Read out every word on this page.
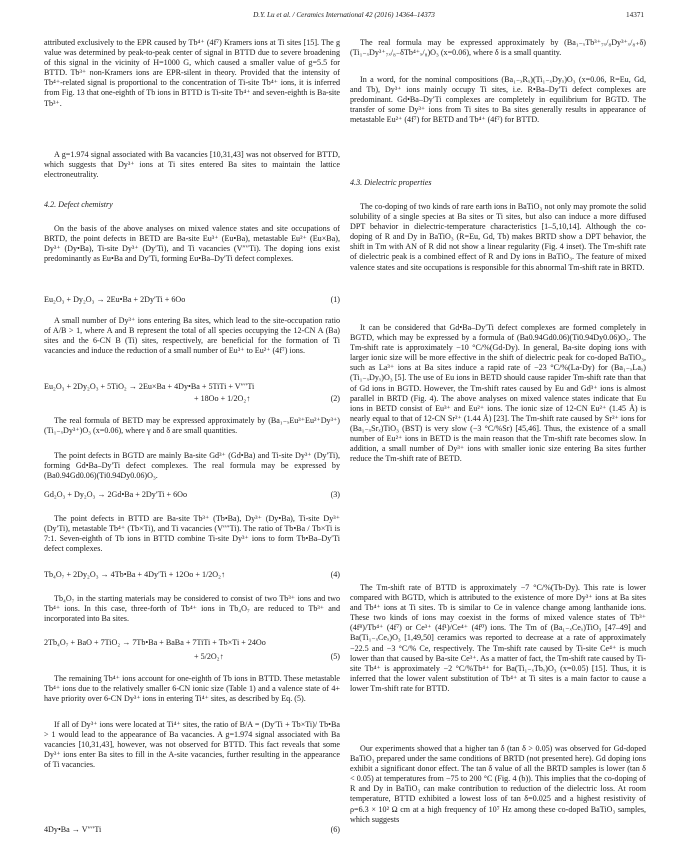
D.Y. Lu et al. / Ceramics International 42 (2016) 14364–14373	14371

attributed exclusively to the EPR caused by Tb⁴⁺ (4f⁷) Kramers ions at Ti sites [15]. The g value was determined by peak-to-peak center of signal in BTTD due to severe broadening of this signal in the vicinity of H=1000 G, which caused a smaller value of g=5.5 for BTTD. Tb³⁺ non-Kramers ions are EPR-silent in theory. Provided that the intensity of Tb⁴⁺-related signal is proportional to the concentration of Ti-site Tb⁴⁺ ions, it is inferred from Fig. 13 that one-eighth of Tb ions in BTTD is Ti-site Tb⁴⁺ and seven-eighth is Ba-site Tb³⁺.

A g=1.974 signal associated with Ba vacancies [10,31,43] was not observed for BTTD, which suggests that Dy³⁺ ions at Ti sites entered Ba sites to maintain the lattice electroneutrality.

4.2. Defect chemistry

On the basis of the above analyses on mixed valence states and site occupations of BRTD, the point defects in BETD are Ba-site Eu³⁺ (Eu•Ba), metastable Eu²⁺ (Eu×Ba), Dy³⁺ (Dy•Ba), Ti-site Dy³⁺ (Dy′Ti), and Ti vacancies (V″″Ti). The doping ions exist predominantly as Eu•Ba and Dy′Ti, forming Eu•Ba–Dy′Ti defect complexes.

Eu₂O₃ + Dy₂O₃ → 2Eu•Ba + 2Dy′Ti + 6Oo	(1)

A small number of Dy³⁺ ions entering Ba sites, which lead to the site-occupation ratio of A/B > 1, where A and B represent the total of all species occupying the 12-CN A (Ba) sites and the 6-CN B (Ti) sites, respectively, are beneficial for the formation of Ti vacancies and induce the reduction of a small number of Eu³⁺ to Eu²⁺ (4f⁷) ions.

Eu₂O₃ + 2Dy₂O₃ + 5TiO₂ → 2Eu×Ba + 4Dy•Ba + 5TiTi + V″″Ti
+ 18Oo + 1/2O₂↑	(2)

The real formula of BETD may be expressed approximately by (Ba₁₋ₓEu³⁺Eu²⁺Dy³⁺)(Ti₁₋ₓDy³⁺)O₃ (x=0.06), where γ and δ are small quantities.

The point defects in BGTD are mainly Ba-site Gd³⁺ (Gd•Ba) and Ti-site Dy³⁺ (Dy′Ti), forming Gd•Ba–Dy′Ti defect complexes. The real formula may be expressed by (Ba0.94Gd0.06)(Ti0.94Dy0.06)O₃.

Gd₂O₃ + Dy₂O₃ → 2Gd•Ba + 2Dy′Ti + 6Oo	(3)

The point defects in BTTD are Ba-site Tb³⁺ (Tb•Ba), Dy³⁺ (Dy•Ba), Ti-site Dy³⁺ (Dy′Ti), metastable Tb⁴⁺ (Tb×Ti), and Ti vacancies (V″″Ti). The ratio of Tb•Ba / Tb×Ti is 7:1. Seven-eighth of Tb ions in BTTD combine Ti-site Dy³⁺ ions to form Tb•Ba–Dy′Ti defect complexes.

Tb₄O₇ + 2Dy₂O₃ → 4Tb•Ba + 4Dy′Ti + 12Oo + 1/2O₂↑	(4)

Tb₄O₇ in the starting materials may be considered to consist of two Tb³⁺ ions and two Tb⁴⁺ ions. In this case, three-forth of Tb⁴⁺ ions in Tb₄O₇ are reduced to Tb³⁺ and incorporated into Ba sites.

2Tb₄O₇ + BaO + 7TiO₂ → 7Tb•Ba + BaBa + 7TiTi + Tb×Ti + 24Oo
+ 5/2O₂↑	(5)

The remaining Tb⁴⁺ ions account for one-eighth of Tb ions in BTTD. These metastable Tb⁴⁺ ions due to the relatively smaller 6-CN ionic size (Table 1) and a valence state of 4+ have priority over 6-CN Dy³⁺ ions in entering Ti⁴⁺ sites, as described by Eq. (5).

If all of Dy³⁺ ions were located at Ti⁴⁺ sites, the ratio of B/A = (Dy′Ti + Tb×Ti)/ Tb•Ba > 1 would lead to the appearance of Ba vacancies. A g=1.974 signal associated with Ba vacancies [10,31,43], however, was not observed for BTTD. This fact reveals that some Dy³⁺ ions enter Ba sites to fill in the A-site vacancies, further resulting in the appearance of Ti vacancies.

4Dy•Ba → V″″Ti	(6)

The real formula may be expressed approximately by (Ba₁₋ₓTb³⁺₇ₓ/₈Dy³⁺ₓ/₈₊δ)(Ti₁₋ₓDy³⁺₇ₓ/₈₋δTb⁴⁺ₓ/₈)O₃ (x=0.06), where δ is a small quantity.

In a word, for the nominal compositions (Ba₁₋ₓRₓ)(Ti₁₋ₓDyₓ)O₃ (x=0.06, R=Eu, Gd, and Tb), Dy³⁺ ions mainly occupy Ti sites, i.e. R•Ba–Dy′Ti defect complexes are predominant. Gd•Ba–Dy′Ti complexes are completely in equilibrium for BGTD. The transfer of some Dy³⁺ ions from Ti sites to Ba sites generally results in appearance of metastable Eu²⁺ (4f⁷) for BETD and Tb⁴⁺ (4f⁷) for BTTD.

4.3. Dielectric properties

The co-doping of two kinds of rare earth ions in BaTiO₃ not only may promote the solid solubility of a single species at Ba sites or Ti sites, but also can induce a more diffused DPT behavior in dielectric-temperature characteristics [1–5,10,14]. Although the co-doping of R and Dy in BaTiO₃ (R=Eu, Gd, Tb) makes BRTD show a DPT behavior, the shift in Tm with AN of R did not show a linear regularity (Fig. 4 inset). The Tm-shift rate of dielectric peak is a combined effect of R and Dy ions in BaTiO₃. The feature of mixed valence states and site occupations is responsible for this abnormal Tm-shift rate in BRTD.

It can be considered that Gd•Ba–Dy′Ti defect complexes are formed completely in BGTD, which may be expressed by a formula of (Ba0.94Gd0.06)(Ti0.94Dy0.06)O₃. The Tm-shift rate is approximately −10 °C/%(Gd-Dy). In general, Ba-site doping ions with larger ionic size will be more effective in the shift of dielectric peak for co-doped BaTiO₃, such as La³⁺ ions at Ba sites induce a rapid rate of −23 °C/%(La-Dy) for (Ba₁₋ₓLaₓ)(Ti₁₋ₓDyₓ)O₃ [5]. The use of Eu ions in BETD should cause rapider Tm-shift rate than that of Gd ions in BGTD. However, the Tm-shift rates caused by Eu and Gd³⁺ ions is almost parallel in BRTD (Fig. 4). The above analyses on mixed valence states indicate that Eu ions in BETD consist of Eu³⁺ and Eu²⁺ ions. The ionic size of 12-CN Eu²⁺ (1.45 Å) is nearly equal to that of 12-CN Sr²⁺ (1.44 Å) [23]. The Tm-shift rate caused by Sr²⁺ ions for (Ba₁₋ₓSrₓ)TiO₃ (BST) is very slow (−3 °C/%Sr) [45,46]. Thus, the existence of a small number of Eu²⁺ ions in BETD is the main reason that the Tm-shift rate becomes slow. In addition, a small number of Dy³⁺ ions with smaller ionic size entering Ba sites further reduce the Tm-shift rate of BETD.

The Tm-shift rate of BTTD is approximately −7 °C/%(Tb-Dy). This rate is lower compared with BGTD, which is attributed to the existence of more Dy³⁺ ions at Ba sites and Tb⁴⁺ ions at Ti sites. Tb is similar to Ce in valence change among lanthanide ions. These two kinds of ions may coexist in the forms of mixed valence states of Tb³⁺ (4f⁸)/Tb⁴⁺ (4f⁷) or Ce³⁺ (4f¹)/Ce⁴⁺ (4f⁰) ions. The Tm of (Ba₁₋ₓCeₓ)TiO₃ [47–49] and Ba(Ti₁₋ₓCeₓ)O₃ [1,49,50] ceramics was reported to decrease at a rate of approximately −22.5 and −3 °C/% Ce, respectively. The Tm-shift rate caused by Ti-site Ce⁴⁺ is much lower than that caused by Ba-site Ce³⁺. As a matter of fact, the Tm-shift rate caused by Ti-site Tb⁴⁺ is approximately −2 °C/%Tb⁴⁺ for Ba(Ti₁₋ₓTbₓ)O₃ (x=0.05) [15]. Thus, it is inferred that the lower valent substitution of Tb⁴⁺ at Ti sites is a main factor to cause a lower Tm-shift rate for BTTD.

Our experiments showed that a higher tan δ (tan δ > 0.05) was observed for Gd-doped BaTiO₃ prepared under the same conditions of BRTD (not presented here). Gd doping ions exhibit a significant donor effect. The tan δ value of all the BRTD samples is lower (tan δ < 0.05) at temperatures from −75 to 200 °C (Fig. 4 (b)). This implies that the co-doping of R and Dy in BaTiO₃ can make contribution to reduction of the dielectric loss. At room temperature, BTTD exhibited a lowest loss of tan δ=0.025 and a highest resistivity of ρ=6.3 × 10² Ω cm at a high frequency of 10⁷ Hz among these co-doped BaTiO₃ samples, which suggests
